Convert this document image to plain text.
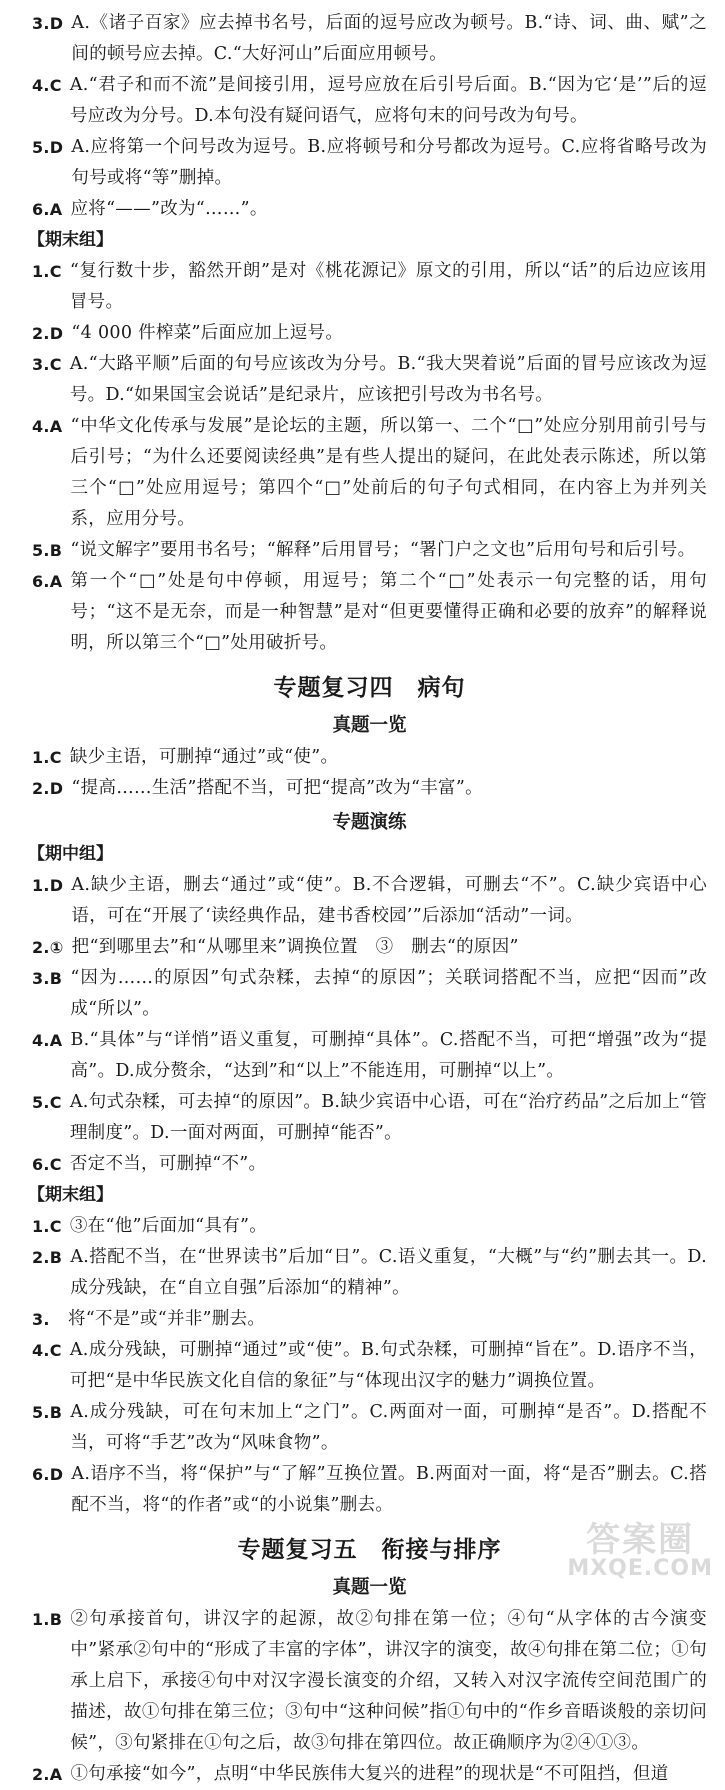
3.D A.《诸子百家》应去掉书名号，后面的逗号应改为顿号。B.“诗、词、曲、赋”之间的顿号应去掉。C.“大好河山”后面应用顿号。
4.C A.“君子和而不流”是间接引用，逗号应放在后引号后面。B.“因为它‘是’”后的逗号应改为分号。D.本句没有疑问语气，应将句末的问号改为句号。
5.D A.应将第一个问号改为逗号。B.应将顿号和分号都改为逗号。C.应将省略号改为句号或将“等”删掉。
6.A 应将“——”改为“……”。
【期末组】
1.C “复行数十步，豁然开朗”是对《桃花源记》原文的引用，所以“话”的后边应该用冒号。
2.D “4 000 件榨菜”后面应加上逗号。
3.C A.“大路平顺”后面的句号应该改为分号。B.“我大哭着说”后面的冒号应该改为逗号。D.“如果国宝会说话”是纪录片，应该把引号改为书名号。
4.A “中华文化传承与发展”是论坛的主题，所以第一、二个“□”处应分别用前引号与后引号；“为什么还要阅读经典”是有些人提出的疑问，在此处表示陈述，所以第三个“□”处应用逗号；第四个“□”处前后的句子句式相同，在内容上为并列关系，应用分号。
5.B “说文解字”要用书名号；“解释”后用冒号；“署门户之文也”后用句号和后引号。
6.A 第一个“□”处是句中停顿，用逗号；第二个“□”处表示一句完整的话，用句号；“这不是无奈，而是一种智慧”是对“但更要懂得正确和必要的放弃”的解释说明，所以第三个“□”处用破折号。
专题复习四　病句
真题一览
1.C 缺少主语，可删掉“通过”或“使”。
2.D “提高……生活”搭配不当，可把“提高”改为“丰富”。
专题演练
【期中组】
1.D A.缺少主语，删去“通过”或“使”。B.不合逻辑，可删去“不”。C.缺少宾语中心语，可在“开展了‘读经典作品，建书香校园’”后添加“活动”一词。
2.① 把“到哪里去”和“从哪里来”调换位置　③　删去“的原因”
3.B “因为……的原因”句式杂糅，去掉“的原因”；关联词搭配不当，应把“因而”改成“所以”。
4.A B.“具体”与“详悄”语义重复，可删掉“具体”。C.搭配不当，可把“增强”改为“提高”。D.成分赘余，“达到”和“以上”不能连用，可删掉“以上”。
5.C A.句式杂糅，可去掉“的原因”。B.缺少宾语中心语，可在“治疗药品”之后加上“管理制度”。D.一面对两面，可删掉“能否”。
6.C 否定不当，可删掉“不”。
【期末组】
1.C ③在“他”后面加“具有”。
2.B A.搭配不当，在“世界读书”后加“日”。C.语义重复，“大概”与“约”删去其一。D.成分残缺，在“自立自强”后添加“的精神”。
3.	将“不是”或“并非”删去。
4.C A.成分残缺，可删掉“通过”或“使”。B.句式杂糅，可删掉“旨在”。D.语序不当，可把“是中华民族文化自信的象征”与“体现出汉字的魅力”调换位置。
5.B A.成分残缺，可在句末加上“之门”。C.两面对一面，可删掉“是否”。D.搭配不当，可将“手艺”改为“风味食物”。
6.D A.语序不当，将“保护”与“了解”互换位置。B.两面对一面，将“是否”删去。C.搭配不当，将“的作者”或“的小说集”删去。
专题复习五　衔接与排序
真题一览
1.B ②句承接首句，讲汉字的起源，故②句排在第一位；④句“从字体的古今演变中”紧承②句中的“形成了丰富的字体”，讲汉字的演变，故④句排在第二位；①句承上启下，承接④句中对汉字漫长演变的介绍，又转入对汉字流传空间范围广的描述，故①句排在第三位；③句中“这种问候”指①句中的“作乡音晤谈般的亲切问候”，③句紧排在①句之后，故③句排在第四位。故正确顺序为②④①③。
2.A ①句承接“如今”，点明“中华民族伟大复兴的进程”的现状是“不可阻挡，但道
答案圈
MXQE.COM
